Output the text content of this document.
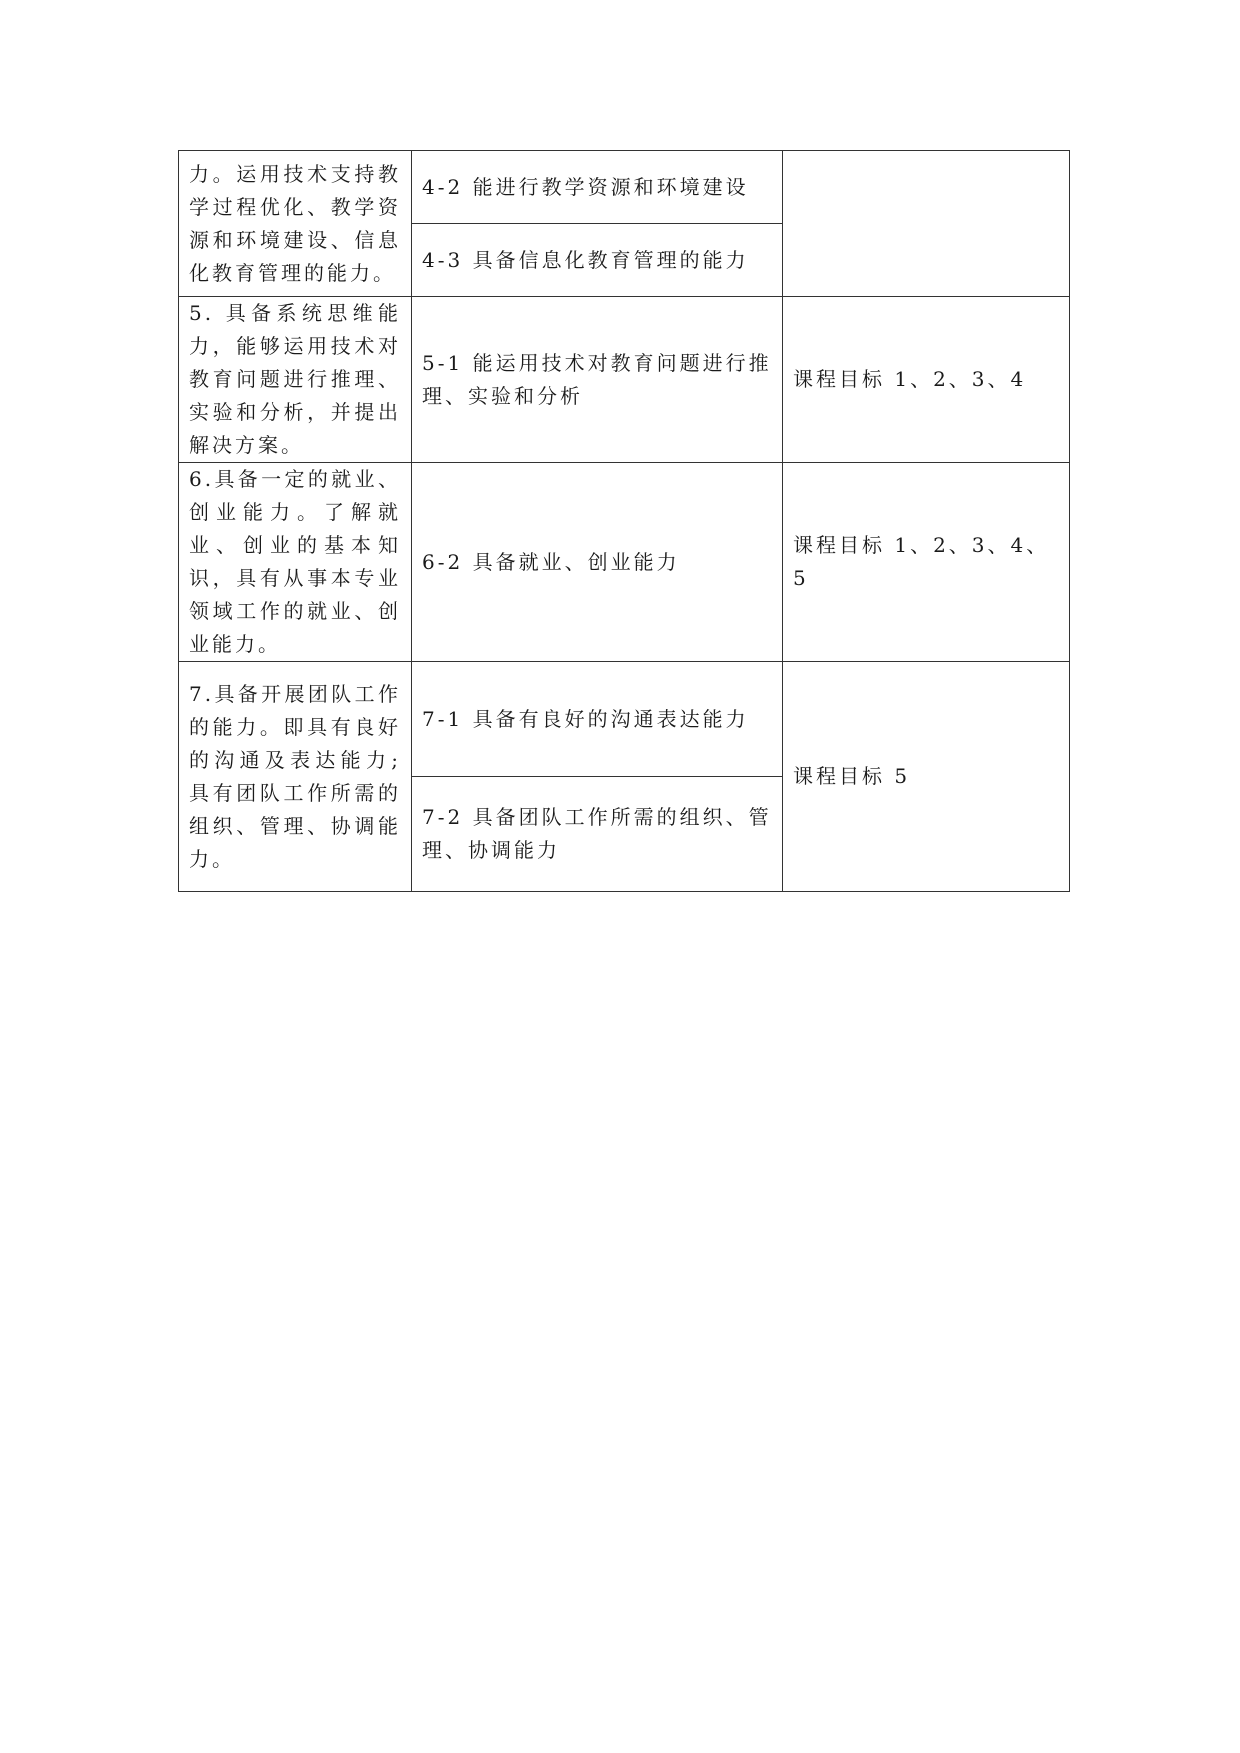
力。运用技术支持教学过程优化、教学资源和环境建设、信息化教育管理的能力。	4-2 能进行教学资源和环境建设	
	4-3 具备信息化教育管理的能力	
5. 具备系统思维能力，能够运用技术对教育问题进行推理、实验和分析，并提出解决方案。	5-1 能运用技术对教育问题进行推理、实验和分析	课程目标 1、2、3、4
6.具备一定的就业、创业能力。了解就业、创业的基本知识，具有从事本专业领域工作的就业、创业能力。	6-2 具备就业、创业能力	课程目标 1、2、3、4、5
7.具备开展团队工作的能力。即具有良好的沟通及表达能力;具有团队工作所需的组织、管理、协调能力。	7-1 具备有良好的沟通表达能力	课程目标 5
	7-2 具备团队工作所需的组织、管理、协调能力	
